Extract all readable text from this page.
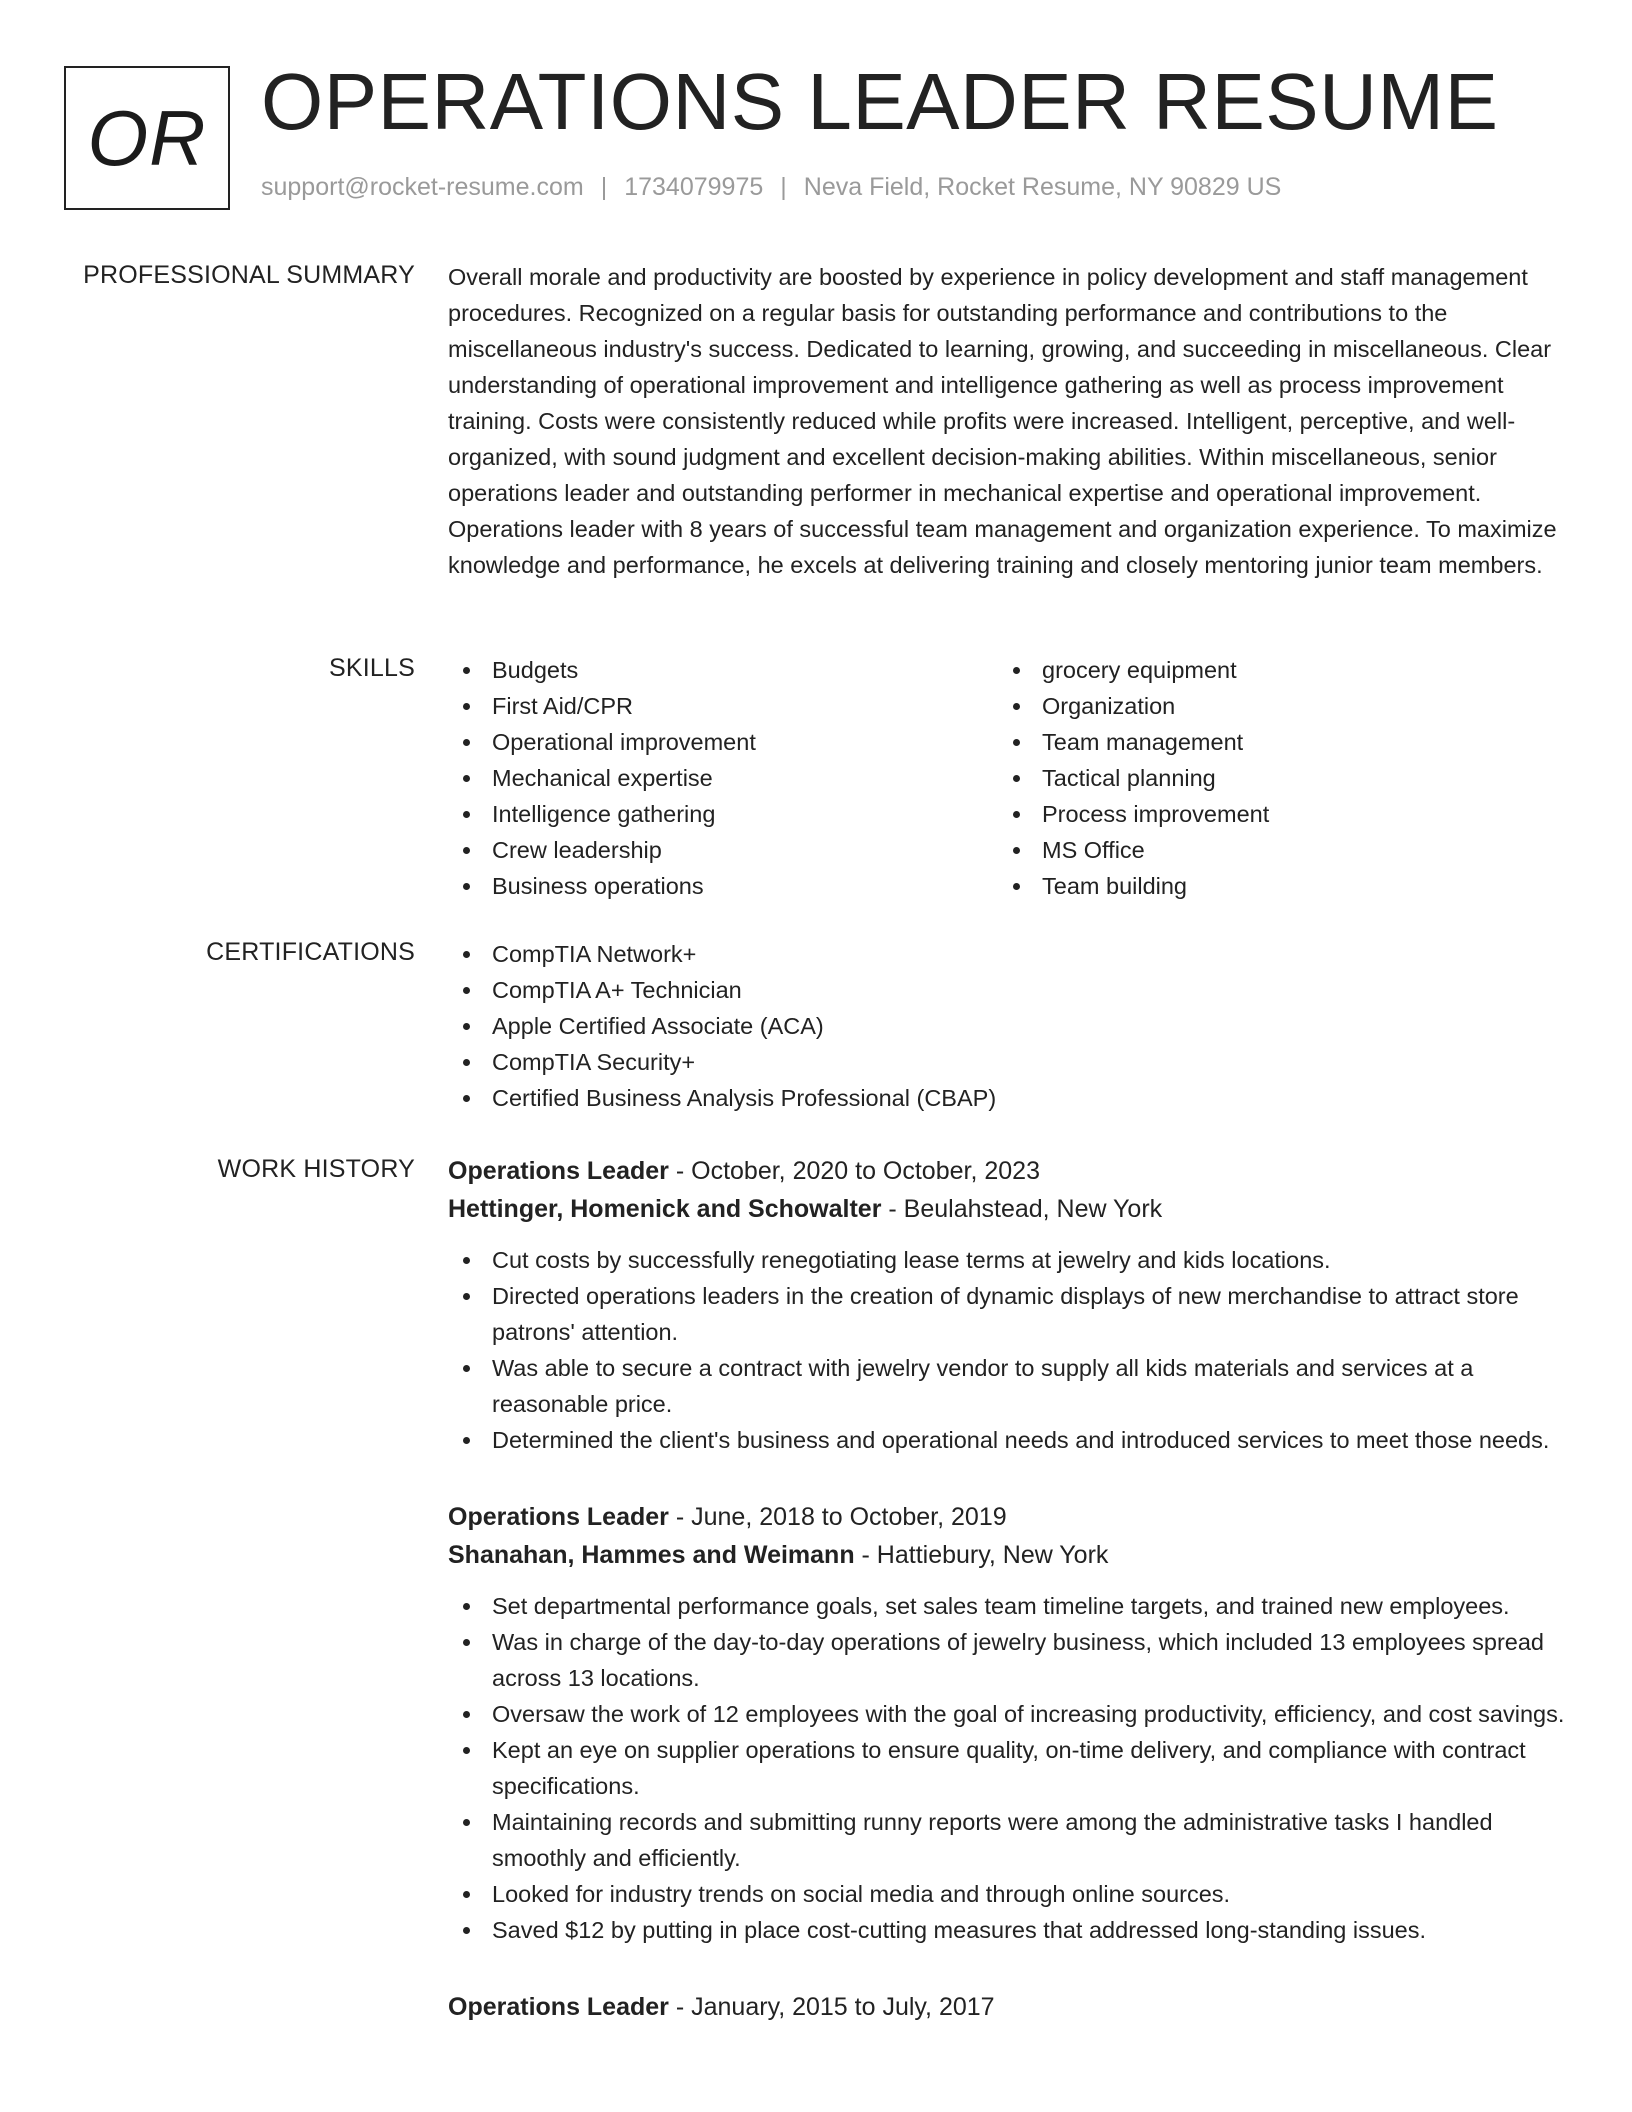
OR OPERATIONS LEADER RESUME
support@rocket-resume.com | 1734079975 | Neva Field, Rocket Resume, NY 90829 US
PROFESSIONAL SUMMARY Overall morale and productivity are boosted by experience in policy development and staff management procedures. Recognized on a regular basis for outstanding performance and contributions to the miscellaneous industry's success. Dedicated to learning, growing, and succeeding in miscellaneous. Clear understanding of operational improvement and intelligence gathering as well as process improvement training. Costs were consistently reduced while profits were increased. Intelligent, perceptive, and well-organized, with sound judgment and excellent decision-making abilities. Within miscellaneous, senior operations leader and outstanding performer in mechanical expertise and operational improvement. Operations leader with 8 years of successful team management and organization experience. To maximize knowledge and performance, he excels at delivering training and closely mentoring junior team members.
SKILLS	Budgets
First Aid/CPR
Operational improvement
Mechanical expertise
Intelligence gathering
Crew leadership
Business operations
grocery equipment
Organization
Team management
Tactical planning
Process improvement
MS Office
Team building
CERTIFICATIONS	CompTIA Network+
CompTIA A+ Technician
Apple Certified Associate (ACA)
CompTIA Security+
Certified Business Analysis Professional (CBAP)
WORK HISTORY Operations Leader - October, 2020 to October, 2023
Hettinger, Homenick and Schowalter - Beulahstead, New York
Cut costs by successfully renegotiating lease terms at jewelry and kids locations.
Directed operations leaders in the creation of dynamic displays of new merchandise to attract store patrons' attention.
Was able to secure a contract with jewelry vendor to supply all kids materials and services at a reasonable price.
Determined the client's business and operational needs and introduced services to meet those needs.
Operations Leader - June, 2018 to October, 2019
Shanahan, Hammes and Weimann - Hattiebury, New York
Set departmental performance goals, set sales team timeline targets, and trained new employees.
Was in charge of the day-to-day operations of jewelry business, which included 13 employees spread across 13 locations.
Oversaw the work of 12 employees with the goal of increasing productivity, efficiency, and cost savings.
Kept an eye on supplier operations to ensure quality, on-time delivery, and compliance with contract specifications.
Maintaining records and submitting runny reports were among the administrative tasks I handled smoothly and efficiently.
Looked for industry trends on social media and through online sources.
Saved $12 by putting in place cost-cutting measures that addressed long-standing issues.
Operations Leader - January, 2015 to July, 2017
